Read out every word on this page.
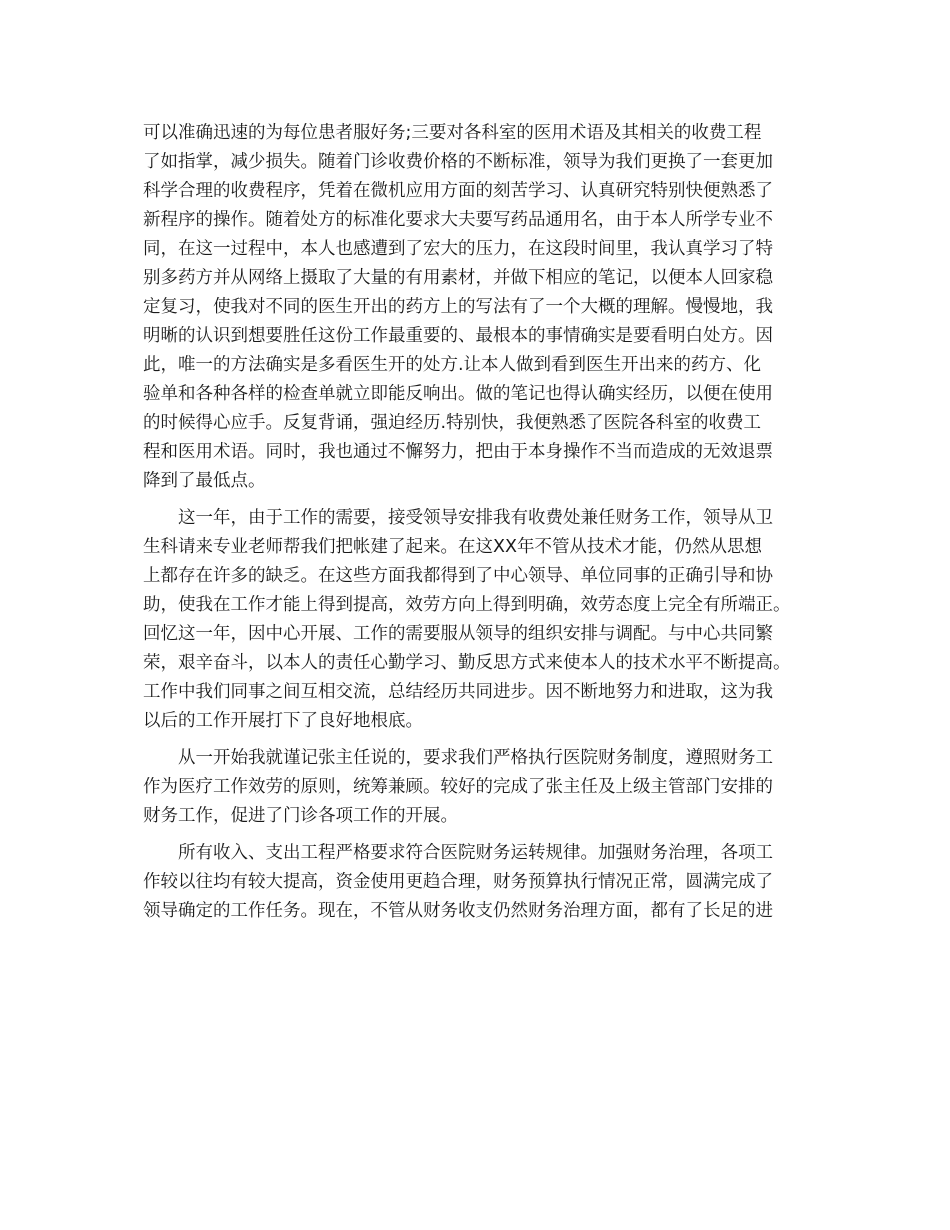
可以准确迅速的为每位患者服好务;三要对各科室的医用术语及其相关的收费工程
了如指掌，减少损失。随着门诊收费价格的不断标准，领导为我们更换了一套更加
科学合理的收费程序，凭着在微机应用方面的刻苦学习、认真研究特别快便熟悉了
新程序的操作。随着处方的标准化要求大夫要写药品通用名，由于本人所学专业不
同，在这一过程中，本人也感遭到了宏大的压力，在这段时间里，我认真学习了特
别多药方并从网络上摄取了大量的有用素材，并做下相应的笔记，以便本人回家稳
定复习，使我对不同的医生开出的药方上的写法有了一个大概的理解。慢慢地，我
明晰的认识到想要胜任这份工作最重要的、最根本的事情确实是要看明白处方。因
此，唯一的方法确实是多看医生开的处方.让本人做到看到医生开出来的药方、化
验单和各种各样的检查单就立即能反响出。做的笔记也得认确实经历，以便在使用
的时候得心应手。反复背诵，强迫经历.特别快，我便熟悉了医院各科室的收费工
程和医用术语。同时，我也通过不懈努力，把由于本身操作不当而造成的无效退票
降到了最低点。
这一年，由于工作的需要，接受领导安排我有收费处兼任财务工作，领导从卫
生科请来专业老师帮我们把帐建了起来。在这XX年不管从技术才能，仍然从思想
上都存在许多的缺乏。在这些方面我都得到了中心领导、单位同事的正确引导和协
助，使我在工作才能上得到提高，效劳方向上得到明确，效劳态度上完全有所端正。
回忆这一年，因中心开展、工作的需要服从领导的组织安排与调配。与中心共同繁
荣，艰辛奋斗，以本人的责任心勤学习、勤反思方式来使本人的技术水平不断提高。
工作中我们同事之间互相交流，总结经历共同进步。因不断地努力和进取，这为我
以后的工作开展打下了良好地根底。
从一开始我就谨记张主任说的，要求我们严格执行医院财务制度，遵照财务工
作为医疗工作效劳的原则，统筹兼顾。较好的完成了张主任及上级主管部门安排的
财务工作，促进了门诊各项工作的开展。
所有收入、支出工程严格要求符合医院财务运转规律。加强财务治理，各项工
作较以往均有较大提高，资金使用更趋合理，财务预算执行情况正常，圆满完成了
领导确定的工作任务。现在，不管从财务收支仍然财务治理方面，都有了长足的进
